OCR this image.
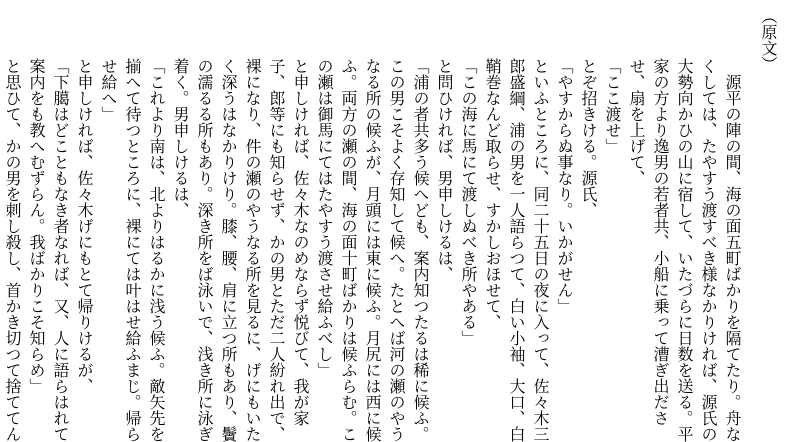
（原文）
　源平の陣の間、海の面五町ばかりを隔てたり。舟な
くしては、たやすう渡すべき様なかりければ、源氏の
大勢向かひの山に宿して、いたづらに日数を送る。平
家の方より逸男の若者共、小船に乗って漕ぎ出ださ
せ、扇を上げて、
「ここ渡せ」
とぞ招きける。源氏、
「やすからぬ事なり。いかがせん」
といふところに、同二十五日の夜に入って、佐々木三
郎盛綱、浦の男を一人語らつて、白い小袖、大口、白
鞘巻なんど取らせ、すかしおほせて、
「この海に馬にて渡しぬべき所やある」
と問ひければ、男申しけるは、
「浦の者共多う候へども、案内知つたるは稀に候ふ。
この男こそよく存知して候へ。たとへば河の瀬のやう
なる所の候ふが、月頭には東に候ふ。月尻には西に候
ふ。両方の瀬の間、海の面十町ばかりは候ふらむ。こ
の瀬は御馬にてはたやすう渡させ給ふべし」
と申しければ、佐々木なのめならず悦びて、我が家
子、郎等にも知らせず、かの男とただ二人紛れ出で、
裸になり、件の瀬のやうなる所を見るに、げにもいた
く深うはなかりけり。膝、腰、肩に立つ所もあり、鬢
の濡るる所もあり。深き所をば泳いで、浅き所に泳ぎ
着く。男申しけるは、
「これより南は、北よりはるかに浅う候ふ。敵矢先を
揃へて待つところに、裸にては叶はせ給ふまじ。帰ら
せ給へ」
と申しければ、佐々木げにもとて帰りけるが、
「下臈はどこともなき者なれば、又、人に語らはれて
案内をも教へむずらん。我ばかりこそ知らめ」
と思ひて、かの男を刺し殺し、首かき切つて捨ててん
